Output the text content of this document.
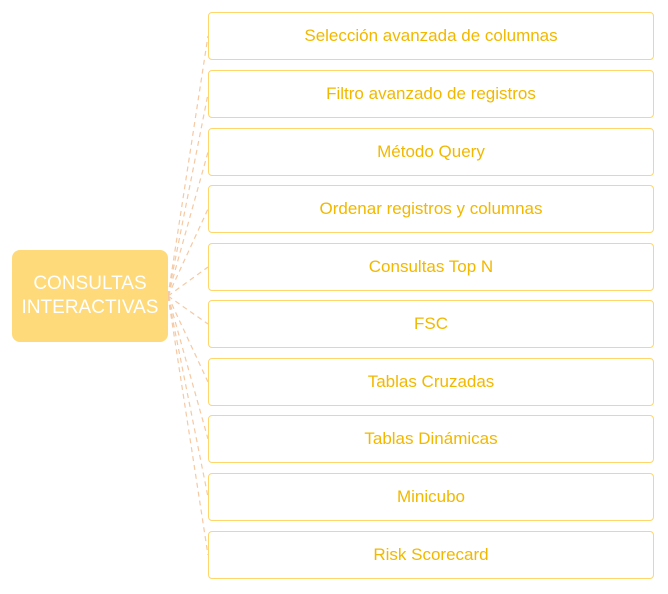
CONSULTAS
INTERACTIVAS
Selección avanzada de columnas
Filtro avanzado de registros
Método Query
Ordenar registros y columnas
Consultas Top N
FSC
Tablas Cruzadas
Tablas Dinámicas
Minicubo
Risk Scorecard
